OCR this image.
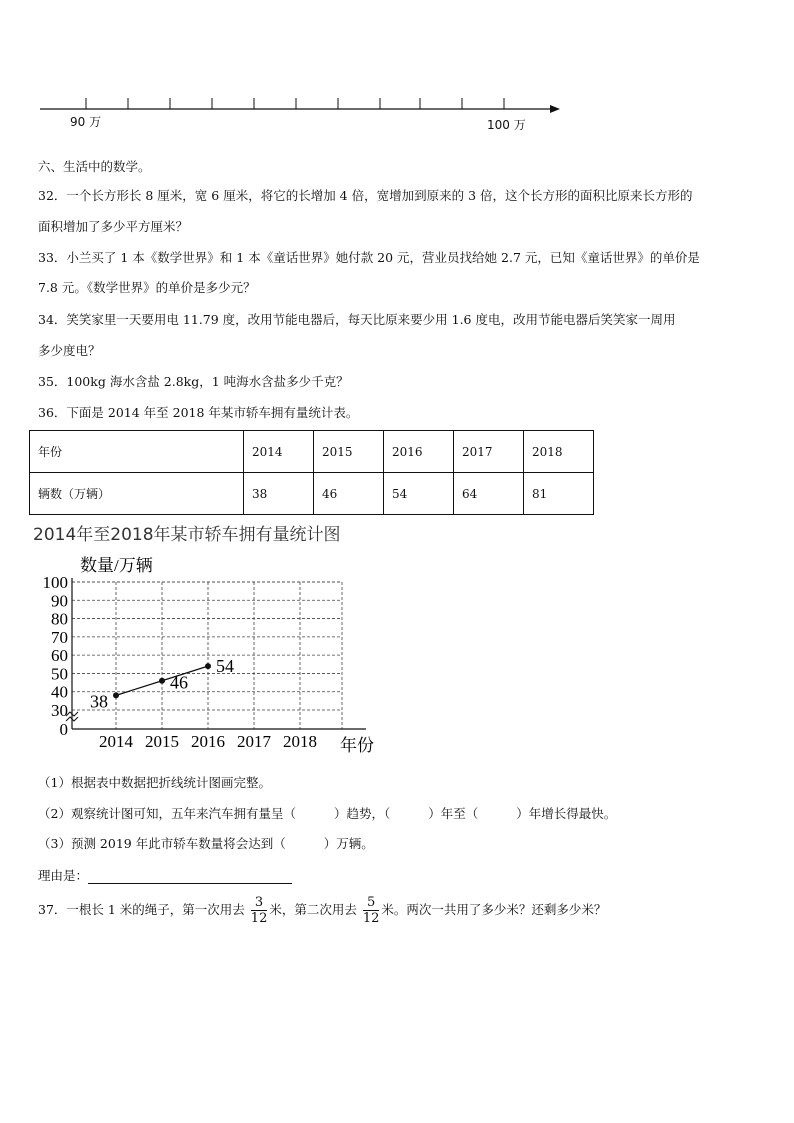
90 万	100 万
六、生活中的数学。
32．一个长方形长 8 厘米，宽 6 厘米，将它的长增加 4 倍，宽增加到原来的 3 倍，这个长方形的面积比原来长方形的
面积增加了多少平方厘米？
33．小兰买了 1 本《数学世界》和 1 本《童话世界》她付款 20 元，营业员找给她 2.7 元，已知《童话世界》的单价是
7.8 元。《数学世界》的单价是多少元？
34．笑笑家里一天要用电 11.79 度，改用节能电器后，每天比原来要少用 1.6 度电，改用节能电器后笑笑家一周用
多少度电？
35．100kg 海水含盐 2.8kg，1 吨海水含盐多少千克？
36．下面是 2014 年至 2018 年某市轿车拥有量统计表。
年份	2014	2015	2016	2017	2018
辆数（万辆）	38	46	54	64	81
2014年至2018年某市轿车拥有量统计图
数量/万辆
年份
0
30
40
50
60
70
80
90
100
2014 2015 2016 2017 2018
38
46
54
（1）根据表中数据把折线统计图画完整。
（2）观察统计图可知，五年来汽车拥有量呈（	）趋势，（	）年至（	）年增长得最快。
（3）预测 2019 年此市轿车数量将会达到（	）万辆。
理由是：
37．一根长 1 米的绳子，第一次用去 $\frac{3}{12}$ 米，第二次用去 $\frac{5}{12}$ 米。两次一共用了多少米？还剩多少米？
